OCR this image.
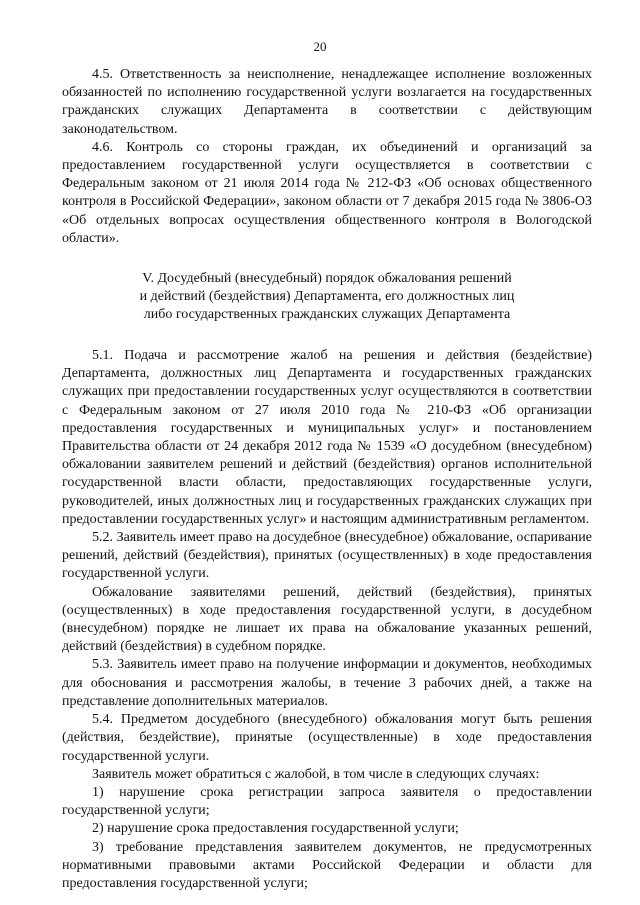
20

4.5. Ответственность за неисполнение, ненадлежащее исполнение возложенных обязанностей по исполнению государственной услуги возлагается на государственных гражданских служащих Департамента в соответствии с действующим законодательством.

4.6. Контроль со стороны граждан, их объединений и организаций за предоставлением государственной услуги осуществляется в соответствии с Федеральным законом от 21 июля 2014 года № 212-ФЗ «Об основах общественного контроля в Российской Федерации», законом области от 7 декабря 2015 года № 3806-ОЗ «Об отдельных вопросах осуществления общественного контроля в Вологодской области».

V. Досудебный (внесудебный) порядок обжалования решений
и действий (бездействия) Департамента, его должностных лиц
либо государственных гражданских служащих Департамента

5.1. Подача и рассмотрение жалоб на решения и действия (бездействие) Департамента, должностных лиц Департамента и государственных гражданских служащих при предоставлении государственных услуг осуществляются в соответствии с Федеральным законом от 27 июля 2010 года № 210-ФЗ «Об организации предоставления государственных и муниципальных услуг» и постановлением Правительства области от 24 декабря 2012 года № 1539 «О досудебном (внесудебном) обжаловании заявителем решений и действий (бездействия) органов исполнительной государственной власти области, предоставляющих государственные услуги, руководителей, иных должностных лиц и государственных гражданских служащих при предоставлении государственных услуг» и настоящим административным регламентом.

5.2. Заявитель имеет право на досудебное (внесудебное) обжалование, оспаривание решений, действий (бездействия), принятых (осуществленных) в ходе предоставления государственной услуги.

Обжалование заявителями решений, действий (бездействия), принятых (осуществленных) в ходе предоставления государственной услуги, в досудебном (внесудебном) порядке не лишает их права на обжалование указанных решений, действий (бездействия) в судебном порядке.

5.3. Заявитель имеет право на получение информации и документов, необходимых для обоснования и рассмотрения жалобы, в течение 3 рабочих дней, а также на представление дополнительных материалов.

5.4. Предметом досудебного (внесудебного) обжалования могут быть решения (действия, бездействие), принятые (осуществленные) в ходе предоставления государственной услуги.

Заявитель может обратиться с жалобой, в том числе в следующих случаях:

1) нарушение срока регистрации запроса заявителя о предоставлении государственной услуги;

2) нарушение срока предоставления государственной услуги;

3) требование представления заявителем документов, не предусмотренных нормативными правовыми актами Российской Федерации и области для предоставления государственной услуги;
